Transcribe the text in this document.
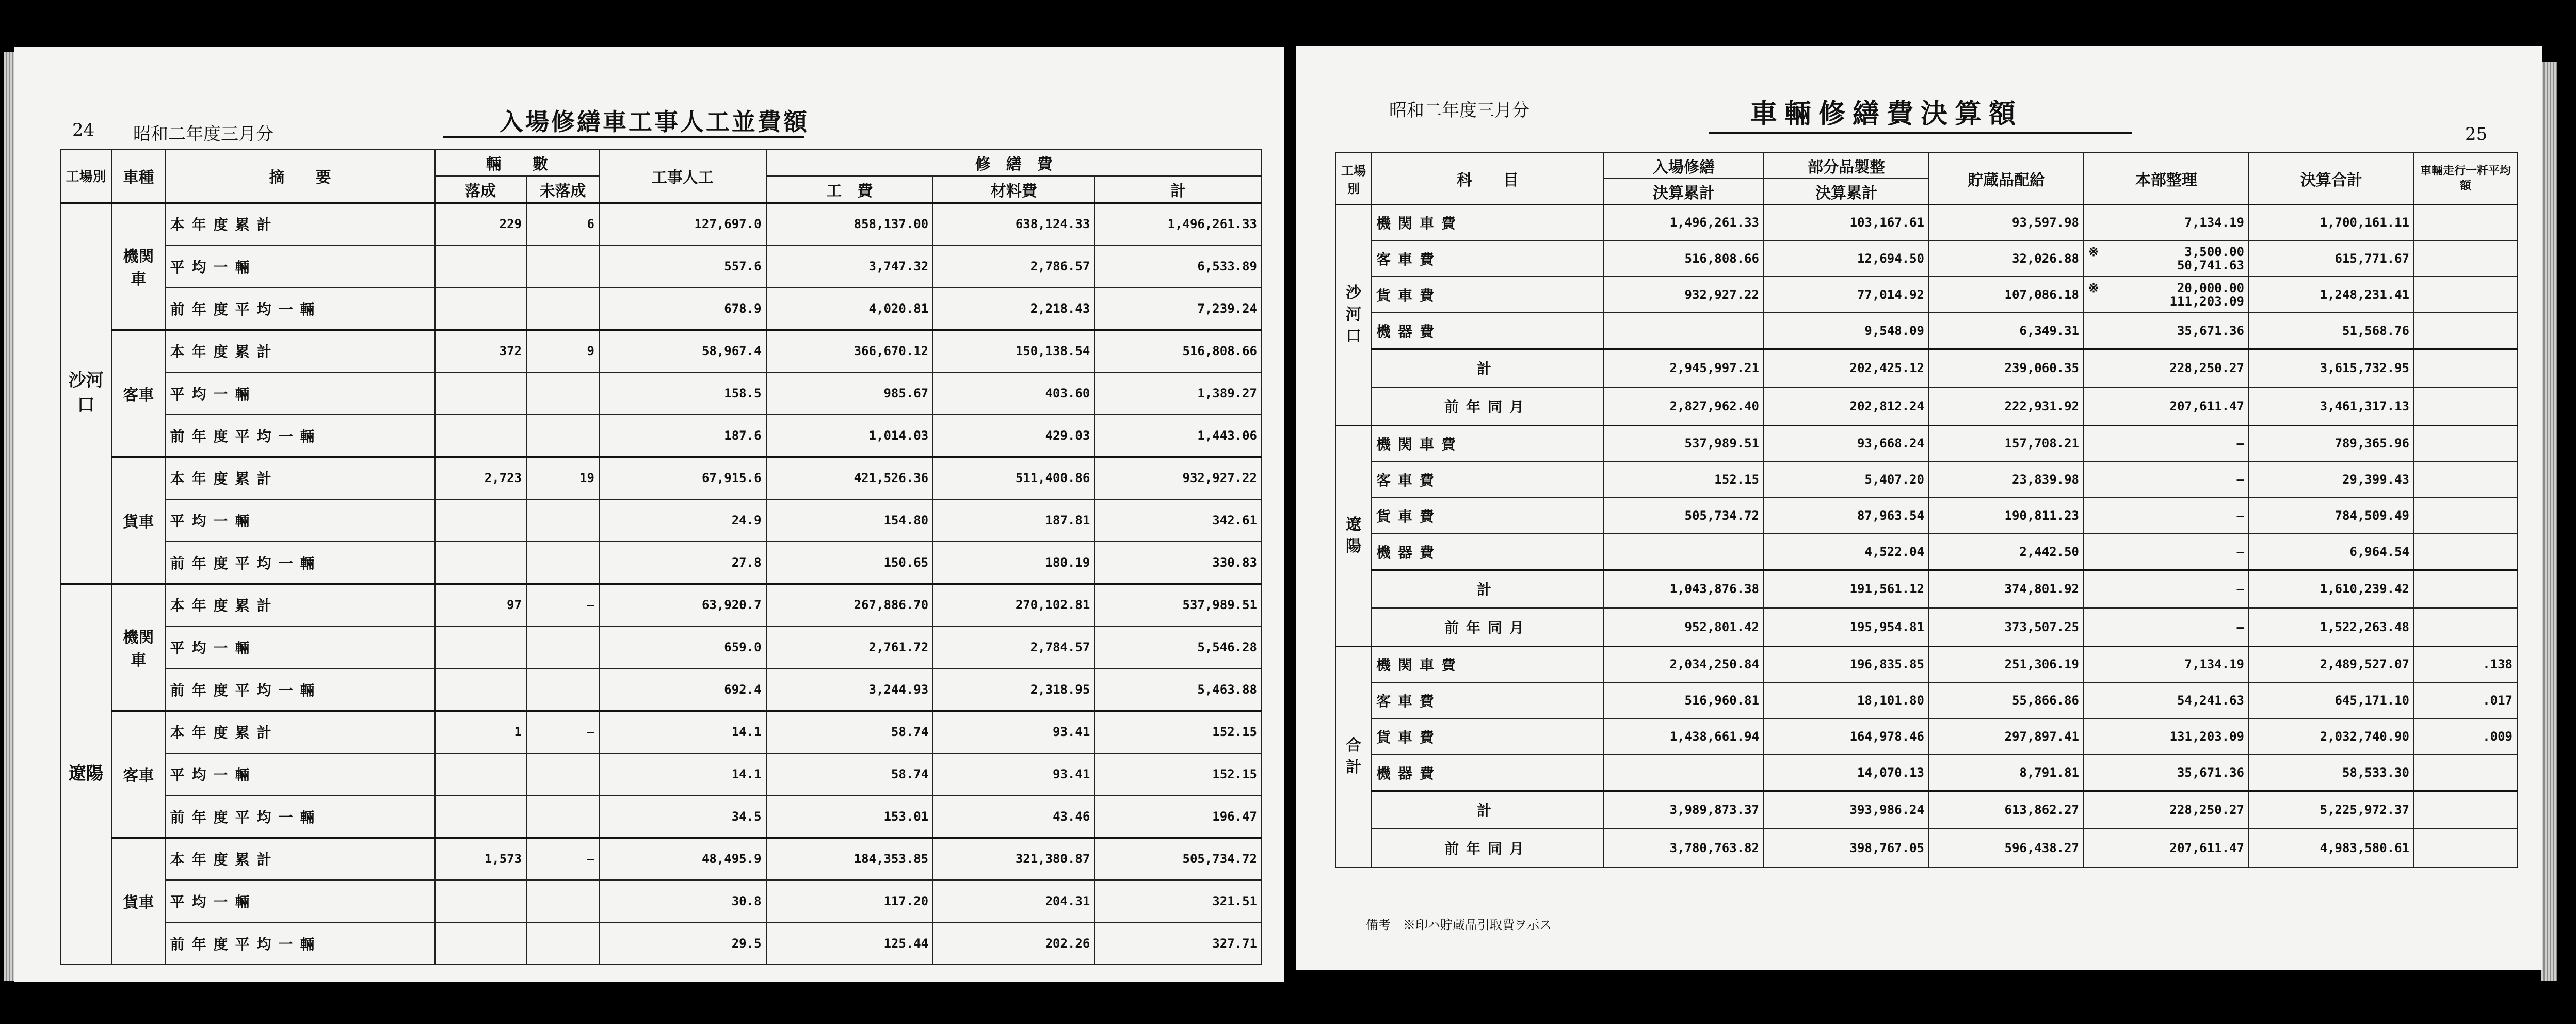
24 昭和二年度三月分	入場修繕車工事人工並費額
工場別	車種	摘　　要	輛　　數		工事人工	修　繕　費		
			落成	未落成		工　費	材料費	計
沙河口	機関車	本年度累計	229	6	127,697.0	858,137.00	638,124.33	1,496,261.33
		平均一輛			557.6	3,747.32	2,786.57	6,533.89
		前年度平均一輛			678.9	4,020.81	2,218.43	7,239.24
	客車	本年度累計	372	9	58,967.4	366,670.12	150,138.54	516,808.66
		平均一輛			158.5	985.67	403.60	1,389.27
		前年度平均一輛			187.6	1,014.03	429.03	1,443.06
	貨車	本年度累計	2,723	19	67,915.6	421,526.36	511,400.86	932,927.22
		平均一輛			24.9	154.80	187.81	342.61
		前年度平均一輛			27.8	150.65	180.19	330.83
遼陽	機関車	本年度累計	97	—	63,920.7	267,886.70	270,102.81	537,989.51
		平均一輛			659.0	2,761.72	2,784.57	5,546.28
		前年度平均一輛			692.4	3,244.93	2,318.95	5,463.88
	客車	本年度累計	1	—	14.1	58.74	93.41	152.15
		平均一輛			14.1	58.74	93.41	152.15
		前年度平均一輛			34.5	153.01	43.46	196.47
	貨車	本年度累計	1,573	—	48,495.9	184,353.85	321,380.87	505,734.72
		平均一輛			30.8	117.20	204.31	321.51
		前年度平均一輛			29.5	125.44	202.26	327.71
昭和二年度三月分	車輛修繕費決算額
25
工場別	科　　目	入場修繕	部分品製整	貯蔵品配給	本部整理	決算合計	車輛走行一粁平均額
		決算累計	決算累計				
沙河口	機関車費	1,496,261.33	103,167.61	93,597.98	7,134.19	1,700,161.11	
	客車費	516,808.66	12,694.50	32,026.88	※ 3,500.00
50,741.63	615,771.67	
	貨車費	932,927.22	77,014.92	107,086.18	※ 20,000.00
111,203.09	1,248,231.41	
	機器費		9,548.09	6,349.31	35,671.36	51,568.76	
	計	2,945,997.21	202,425.12	239,060.35	228,250.27	3,615,732.95	
	前年同月	2,827,962.40	202,812.24	222,931.92	207,611.47	3,461,317.13	
遼陽	機関車費	537,989.51	93,668.24	157,708.21	—	789,365.96	
	客車費	152.15	5,407.20	23,839.98	—	29,399.43	
	貨車費	505,734.72	87,963.54	190,811.23	—	784,509.49	
	機器費		4,522.04	2,442.50	—	6,964.54	
	計	1,043,876.38	191,561.12	374,801.92	—	1,610,239.42	
	前年同月	952,801.42	195,954.81	373,507.25	—	1,522,263.48	
合計	機関車費	2,034,250.84	196,835.85	251,306.19	7,134.19	2,489,527.07	.138
	客車費	516,960.81	18,101.80	55,866.86	54,241.63	645,171.10	.017
	貨車費	1,438,661.94	164,978.46	297,897.41	131,203.09	2,032,740.90	.009
	機器費		14,070.13	8,791.81	35,671.36	58,533.30	
	計	3,989,873.37	393,986.24	613,862.27	228,250.27	5,225,972.37	
	前年同月	3,780,763.82	398,767.05	596,438.27	207,611.47	4,983,580.61	
備考　※印ハ貯蔵品引取費ヲ示ス
